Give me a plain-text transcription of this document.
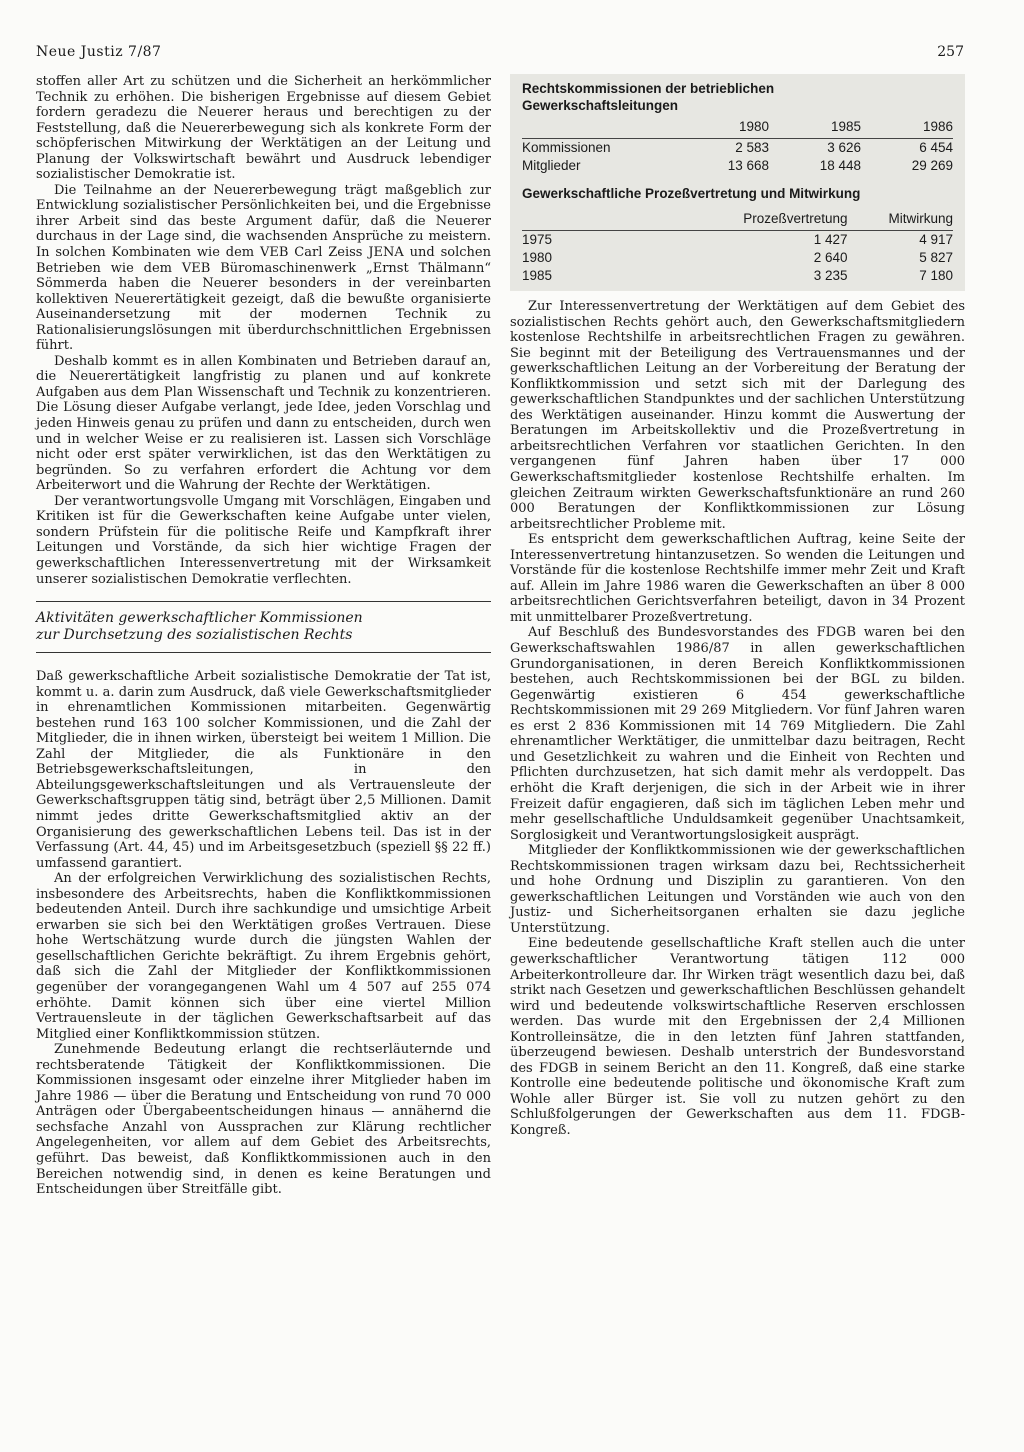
Neue Justiz 7/87	257

stoffen aller Art zu schützen und die Sicherheit an herkömmlicher Technik zu erhöhen. Die bisherigen Ergebnisse auf diesem Gebiet fordern geradezu die Neuerer heraus und berechtigen zu der Feststellung, daß die Neuererbewegung sich als konkrete Form der schöpferischen Mitwirkung der Werktätigen an der Leitung und Planung der Volkswirtschaft bewährt und Ausdruck lebendiger sozialistischer Demokratie ist.

Die Teilnahme an der Neuererbewegung trägt maßgeblich zur Entwicklung sozialistischer Persönlichkeiten bei, und die Ergebnisse ihrer Arbeit sind das beste Argument dafür, daß die Neuerer durchaus in der Lage sind, die wachsenden Ansprüche zu meistern. In solchen Kombinaten wie dem VEB Carl Zeiss JENA und solchen Betrieben wie dem VEB Büromaschinenwerk „Ernst Thälmann“ Sömmerda haben die Neuerer besonders in der vereinbarten kollektiven Neuerertätigkeit gezeigt, daß die bewußte organisierte Auseinandersetzung mit der modernen Technik zu Rationalisierungslösungen mit überdurchschnittlichen Ergebnissen führt.

Deshalb kommt es in allen Kombinaten und Betrieben darauf an, die Neuerertätigkeit langfristig zu planen und auf konkrete Aufgaben aus dem Plan Wissenschaft und Technik zu konzentrieren. Die Lösung dieser Aufgabe verlangt, jede Idee, jeden Vorschlag und jeden Hinweis genau zu prüfen und dann zu entscheiden, durch wen und in welcher Weise er zu realisieren ist. Lassen sich Vorschläge nicht oder erst später verwirklichen, ist das den Werktätigen zu begründen. So zu verfahren erfordert die Achtung vor dem Arbeiterwort und die Wahrung der Rechte der Werktätigen.

Der verantwortungsvolle Umgang mit Vorschlägen, Eingaben und Kritiken ist für die Gewerkschaften keine Aufgabe unter vielen, sondern Prüfstein für die politische Reife und Kampfkraft ihrer Leitungen und Vorstände, da sich hier wichtige Fragen der gewerkschaftlichen Interessenvertretung mit der Wirksamkeit unserer sozialistischen Demokratie verflechten.

Aktivitäten gewerkschaftlicher Kommissionen
zur Durchsetzung des sozialistischen Rechts

Daß gewerkschaftliche Arbeit sozialistische Demokratie der Tat ist, kommt u. a. darin zum Ausdruck, daß viele Gewerkschaftsmitglieder in ehrenamtlichen Kommissionen mitarbeiten. Gegenwärtig bestehen rund 163 100 solcher Kommissionen, und die Zahl der Mitglieder, die in ihnen wirken, übersteigt bei weitem 1 Million. Die Zahl der Mitglieder, die als Funktionäre in den Betriebsgewerkschaftsleitungen, in den Abteilungsgewerkschaftsleitungen und als Vertrauensleute der Gewerkschaftsgruppen tätig sind, beträgt über 2,5 Millionen. Damit nimmt jedes dritte Gewerkschaftsmitglied aktiv an der Organisierung des gewerkschaftlichen Lebens teil. Das ist in der Verfassung (Art. 44, 45) und im Arbeitsgesetzbuch (speziell §§ 22 ff.) umfassend garantiert.

An der erfolgreichen Verwirklichung des sozialistischen Rechts, insbesondere des Arbeitsrechts, haben die Konfliktkommissionen bedeutenden Anteil. Durch ihre sachkundige und umsichtige Arbeit erwarben sie sich bei den Werktätigen großes Vertrauen. Diese hohe Wertschätzung wurde durch die jüngsten Wahlen der gesellschaftlichen Gerichte bekräftigt. Zu ihrem Ergebnis gehört, daß sich die Zahl der Mitglieder der Konfliktkommissionen gegenüber der vorangegangenen Wahl um 4 507 auf 255 074 erhöhte. Damit können sich über eine viertel Million Vertrauensleute in der täglichen Gewerkschaftsarbeit auf das Mitglied einer Konfliktkommission stützen.

Zunehmende Bedeutung erlangt die rechtserläuternde und rechtsberatende Tätigkeit der Konfliktkommissionen. Die Kommissionen insgesamt oder einzelne ihrer Mitglieder haben im Jahre 1986 — über die Beratung und Entscheidung von rund 70 000 Anträgen oder Übergabeentscheidungen hinaus — annähernd die sechsfache Anzahl von Aussprachen zur Klärung rechtlicher Angelegenheiten, vor allem auf dem Gebiet des Arbeitsrechts, geführt. Das beweist, daß Konfliktkommissionen auch in den Bereichen notwendig sind, in denen es keine Beratungen und Entscheidungen über Streitfälle gibt.

Rechtskommissionen der betrieblichen
Gewerkschaftsleitungen
	1980	1985	1986
Kommissionen	2 583	3 626	6 454
Mitglieder	13 668	18 448	29 269
Gewerkschaftliche Prozeßvertretung und Mitwirkung
	Prozeßvertretung	Mitwirkung
1975	1 427	4 917
1980	2 640	5 827
1985	3 235	7 180

Zur Interessenvertretung der Werktätigen auf dem Gebiet des sozialistischen Rechts gehört auch, den Gewerkschaftsmitgliedern kostenlose Rechtshilfe in arbeitsrechtlichen Fragen zu gewähren. Sie beginnt mit der Beteiligung des Vertrauensmannes und der gewerkschaftlichen Leitung an der Vorbereitung der Beratung der Konfliktkommission und setzt sich mit der Darlegung des gewerkschaftlichen Standpunktes und der sachlichen Unterstützung des Werktätigen auseinander. Hinzu kommt die Auswertung der Beratungen im Arbeitskollektiv und die Prozeßvertretung in arbeitsrechtlichen Verfahren vor staatlichen Gerichten. In den vergangenen fünf Jahren haben über 17 000 Gewerkschaftsmitglieder kostenlose Rechtshilfe erhalten. Im gleichen Zeitraum wirkten Gewerkschaftsfunktionäre an rund 260 000 Beratungen der Konfliktkommissionen zur Lösung arbeitsrechtlicher Probleme mit.

Es entspricht dem gewerkschaftlichen Auftrag, keine Seite der Interessenvertretung hintanzusetzen. So wenden die Leitungen und Vorstände für die kostenlose Rechtshilfe immer mehr Zeit und Kraft auf. Allein im Jahre 1986 waren die Gewerkschaften an über 8 000 arbeitsrechtlichen Gerichtsverfahren beteiligt, davon in 34 Prozent mit unmittelbarer Prozeßvertretung.

Auf Beschluß des Bundesvorstandes des FDGB waren bei den Gewerkschaftswahlen 1986/87 in allen gewerkschaftlichen Grundorganisationen, in deren Bereich Konfliktkommissionen bestehen, auch Rechtskommissionen bei der BGL zu bilden. Gegenwärtig existieren 6 454 gewerkschaftliche Rechtskommissionen mit 29 269 Mitgliedern. Vor fünf Jahren waren es erst 2 836 Kommissionen mit 14 769 Mitgliedern. Die Zahl ehrenamtlicher Werktätiger, die unmittelbar dazu beitragen, Recht und Gesetzlichkeit zu wahren und die Einheit von Rechten und Pflichten durchzusetzen, hat sich damit mehr als verdoppelt. Das erhöht die Kraft derjenigen, die sich in der Arbeit wie in ihrer Freizeit dafür engagieren, daß sich im täglichen Leben mehr und mehr gesellschaftliche Unduldsamkeit gegenüber Unachtsamkeit, Sorglosigkeit und Verantwortungslosigkeit ausprägt.

Mitglieder der Konfliktkommissionen wie der gewerkschaftlichen Rechtskommissionen tragen wirksam dazu bei, Rechtssicherheit und hohe Ordnung und Disziplin zu garantieren. Von den gewerkschaftlichen Leitungen und Vorständen wie auch von den Justiz- und Sicherheitsorganen erhalten sie dazu jegliche Unterstützung.

Eine bedeutende gesellschaftliche Kraft stellen auch die unter gewerkschaftlicher Verantwortung tätigen 112 000 Arbeiterkontrolleure dar. Ihr Wirken trägt wesentlich dazu bei, daß strikt nach Gesetzen und gewerkschaftlichen Beschlüssen gehandelt wird und bedeutende volkswirtschaftliche Reserven erschlossen werden. Das wurde mit den Ergebnissen der 2,4 Millionen Kontrolleinsätze, die in den letzten fünf Jahren stattfanden, überzeugend bewiesen. Deshalb unterstrich der Bundesvorstand des FDGB in seinem Bericht an den 11. Kongreß, daß eine starke Kontrolle eine bedeutende politische und ökonomische Kraft zum Wohle aller Bürger ist. Sie voll zu nutzen gehört zu den Schlußfolgerungen der Gewerkschaften aus dem 11. FDGB-Kongreß.
